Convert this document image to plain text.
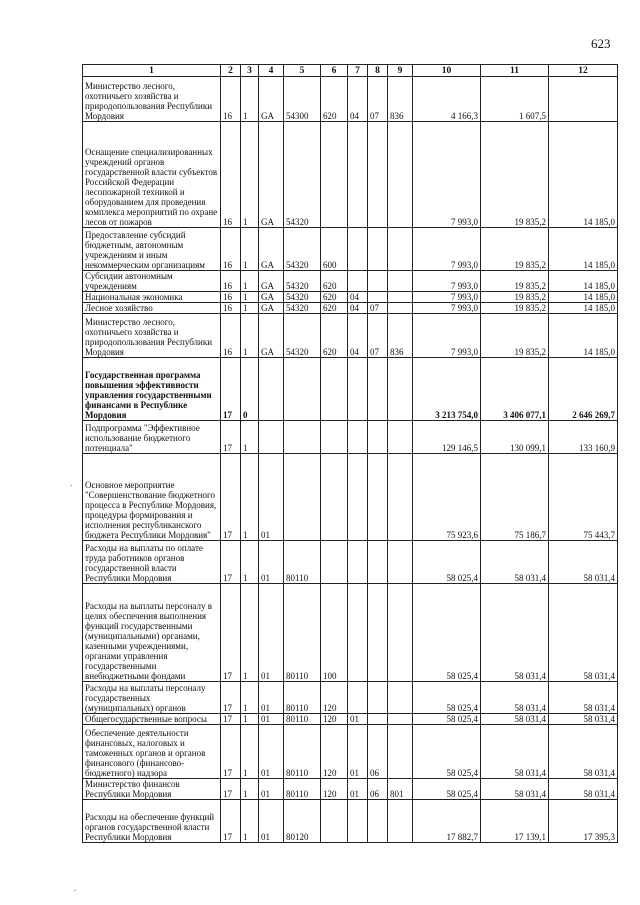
623
1	2	3	4	5	6	7	8	9	10	11	12
Министерство лесного, охотничьего хозяйства и природопользования Республики Мордовия	16	1	GA	54300	620	04	07	836	4 166,3	1 607,5	
Оснащение специализированных учреждений органов государственной власти субъектов Российской Федерации лесопожарной техникой и оборудованием для проведения комплекса мероприятий по охране лесов от пожаров	16	1	GA	54320					7 993,0	19 835,2	14 185,0
Предоставление субсидий бюджетным, автономным учреждениям и иным некоммерческим организациям	16	1	GA	54320	600				7 993,0	19 835,2	14 185,0
Субсидии автономным учреждениям	16	1	GA	54320	620				7 993,0	19 835,2	14 185,0
Национальная экономика	16	1	GA	54320	620	04			7 993,0	19 835,2	14 185,0
Лесное хозяйство	16	1	GA	54320	620	04	07		7 993,0	19 835,2	14 185,0
Министерство лесного, охотничьего хозяйства и природопользования Республики Мордовия	16	1	GA	54320	620	04	07	836	7 993,0	19 835,2	14 185,0
Государственная программа повышения эффективности управления государственными финансами в Республике Мордовия	17	0							3 213 754,0	3 406 077,1	2 646 269,7
Подпрограмма "Эффективное использование бюджетного потенциала"	17	1							129 146,5	130 099,1	133 160,9
Основное мероприятие "Совершенствование бюджетного процесса в Республике Мордовия, процедуры формирования и исполнения республиканского бюджета Республики Мордовия"	17	1	01						75 923,6	75 186,7	75 443,7
Расходы на выплаты по оплате труда работников органов государственной власти Республики Мордовия	17	1	01	80110					58 025,4	58 031,4	58 031,4
Расходы на выплаты персоналу в целях обеспечения выполнения функций государственными (муниципальными) органами, казенными учреждениями, органами управления государственными внебюджетными фондами	17	1	01	80110	100				58 025,4	58 031,4	58 031,4
Расходы на выплаты персоналу государственных (муниципальных) органов	17	1	01	80110	120				58 025,4	58 031,4	58 031,4
Общегосударственные вопросы	17	1	01	80110	120	01			58 025,4	58 031,4	58 031,4
Обеспечение деятельности финансовых, налоговых и таможенных органов и органов финансового (финансово-бюджетного) надзора	17	1	01	80110	120	01	06		58 025,4	58 031,4	58 031,4
Министерство финансов Республики Мордовия	17	1	01	80110	120	01	06	801	58 025,4	58 031,4	58 031,4
Расходы на обеспечение функций органов государственной власти Республики Мордовия	17	1	01	80120					17 882,7	17 139,1	17 395,3
.
.
